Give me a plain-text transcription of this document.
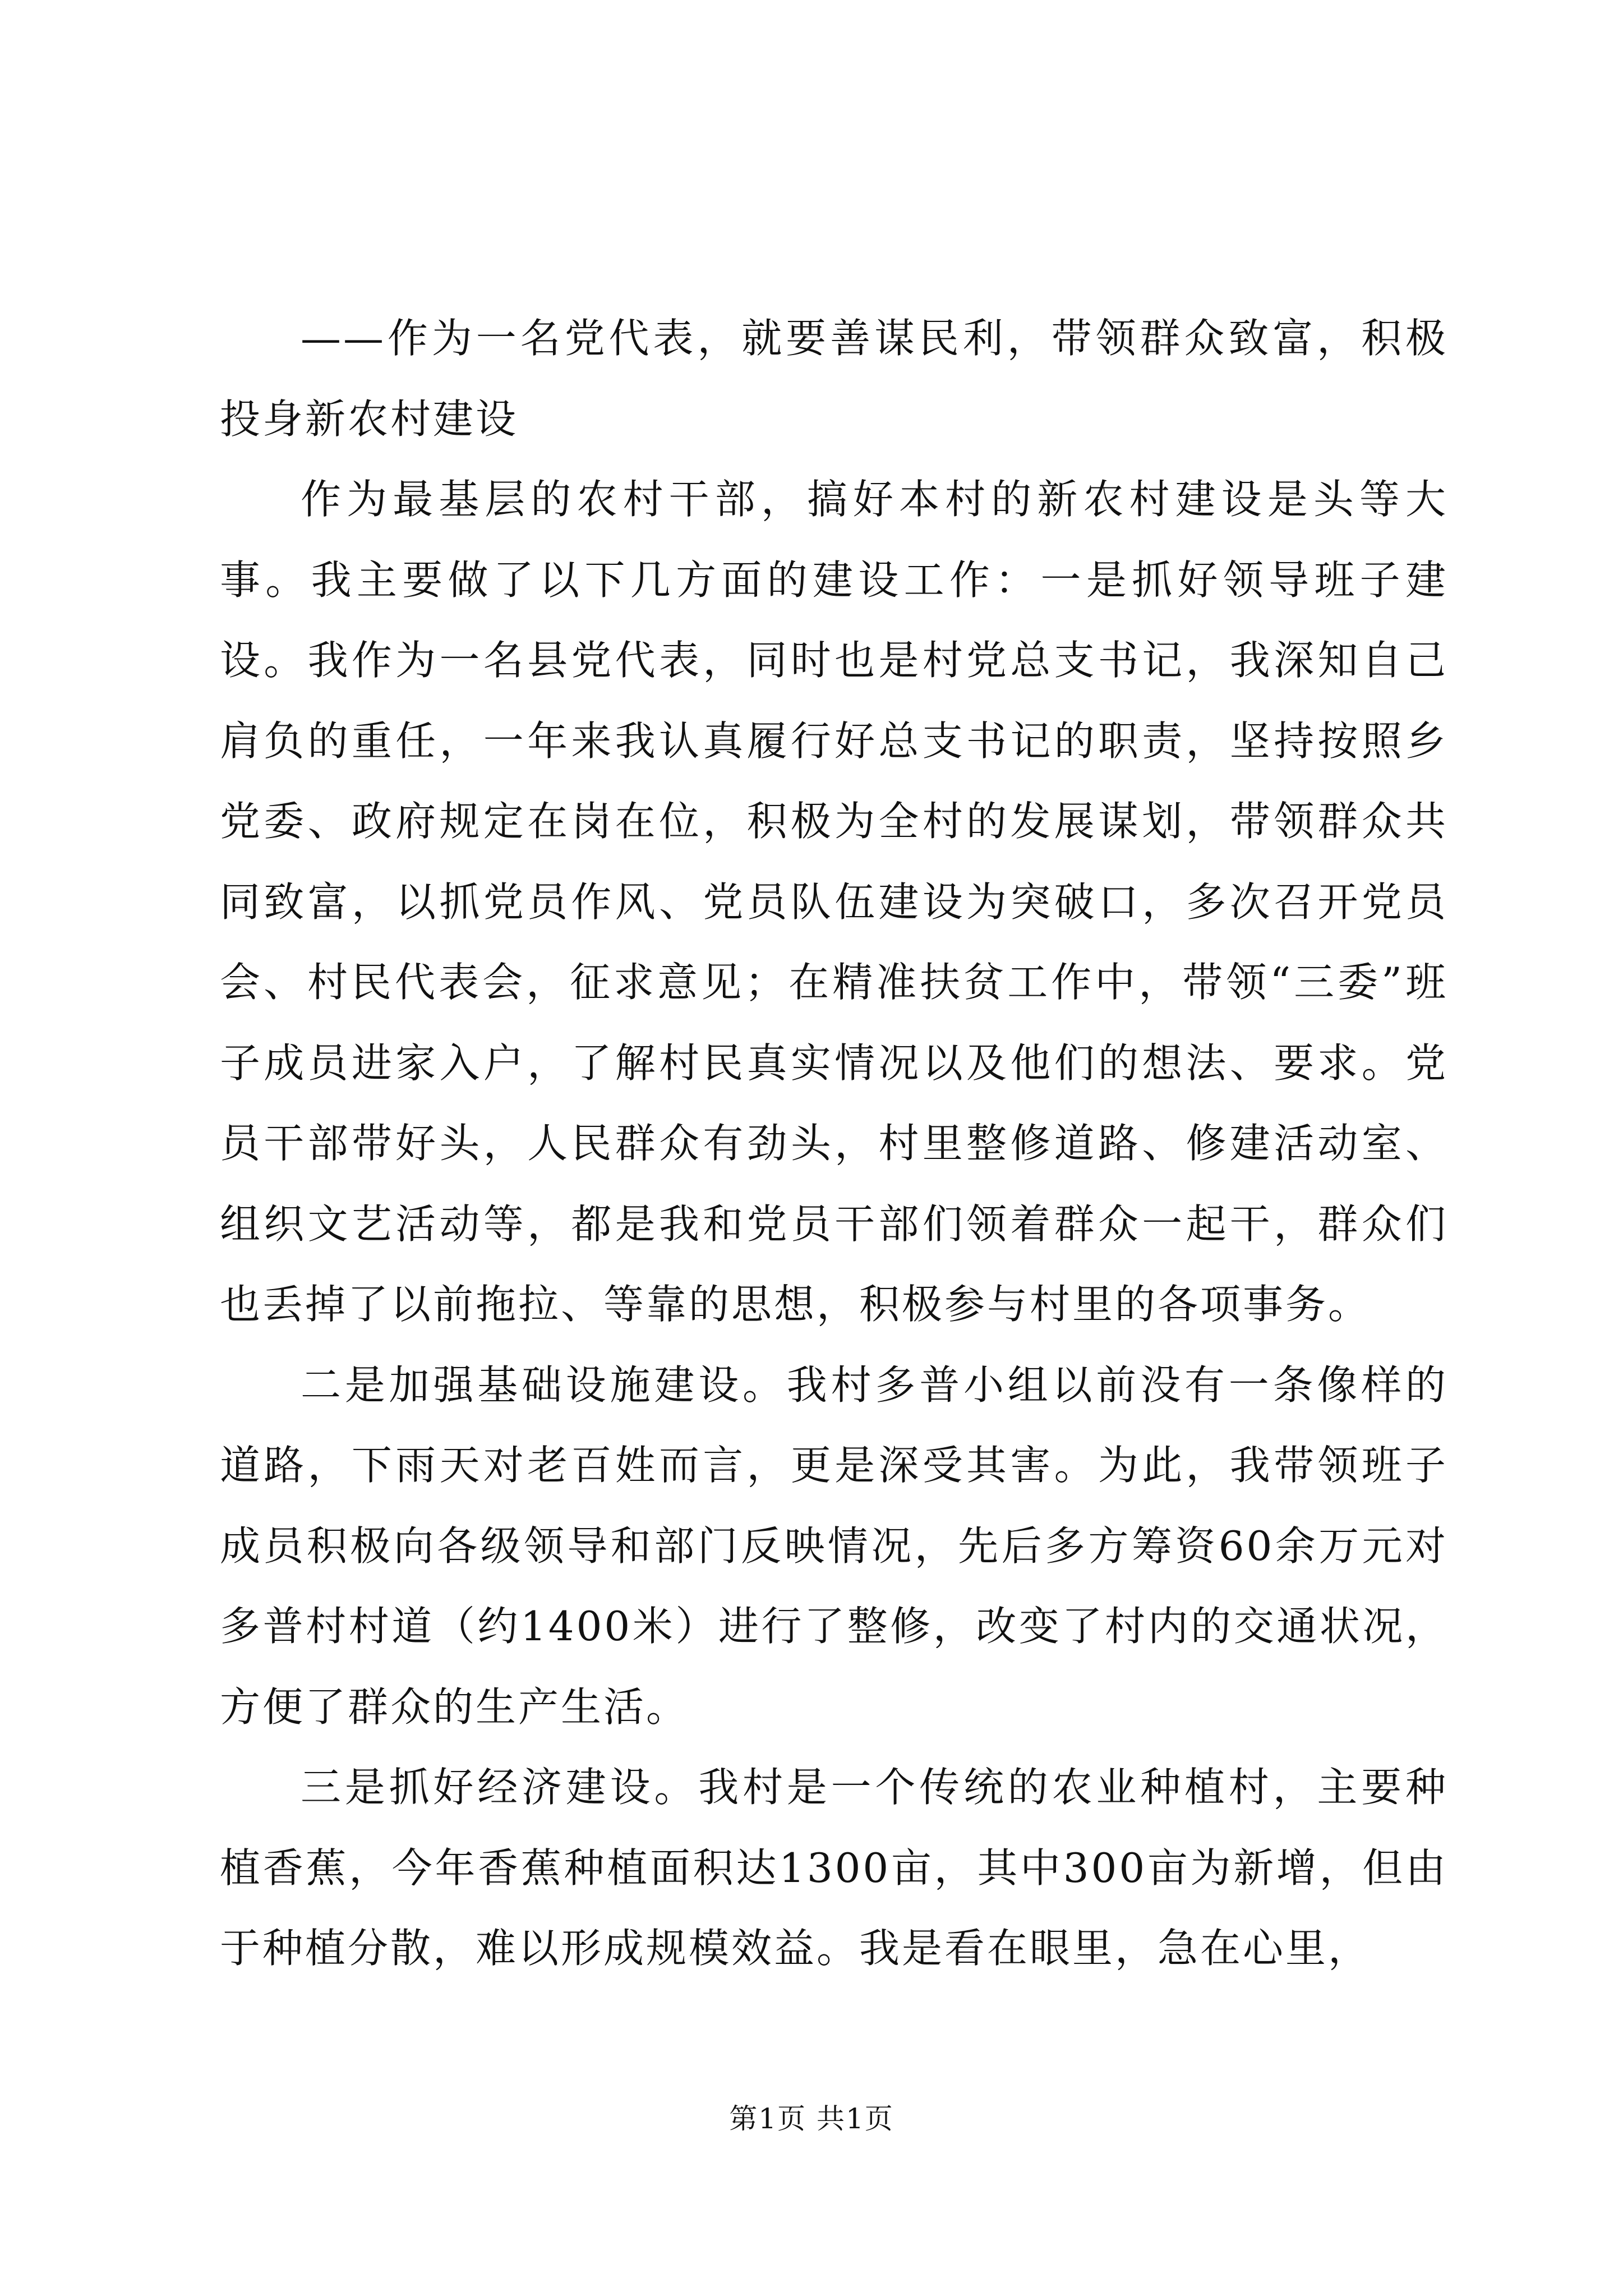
——作为一名党代表，就要善谋民利，带领群众致富，积极投身新农村建设

作为最基层的农村干部，搞好本村的新农村建设是头等大事。我主要做了以下几方面的建设工作：一是抓好领导班子建设。我作为一名县党代表，同时也是村党总支书记，我深知自己肩负的重任，一年来我认真履行好总支书记的职责，坚持按照乡党委、政府规定在岗在位，积极为全村的发展谋划，带领群众共同致富，以抓党员作风、党员队伍建设为突破口，多次召开党员会、村民代表会，征求意见；在精准扶贫工作中，带领“三委”班子成员进家入户，了解村民真实情况以及他们的想法、要求。党员干部带好头，人民群众有劲头，村里整修道路、修建活动室、组织文艺活动等，都是我和党员干部们领着群众一起干，群众们也丢掉了以前拖拉、等靠的思想，积极参与村里的各项事务。

二是加强基础设施建设。我村多普小组以前没有一条像样的道路，下雨天对老百姓而言，更是深受其害。为此，我带领班子成员积极向各级领导和部门反映情况，先后多方筹资60余万元对多普村村道（约1400米）进行了整修，改变了村内的交通状况，方便了群众的生产生活。

三是抓好经济建设。我村是一个传统的农业种植村，主要种植香蕉，今年香蕉种植面积达1300亩，其中300亩为新增，但由于种植分散，难以形成规模效益。我是看在眼里，急在心里，

第1页 共1页
